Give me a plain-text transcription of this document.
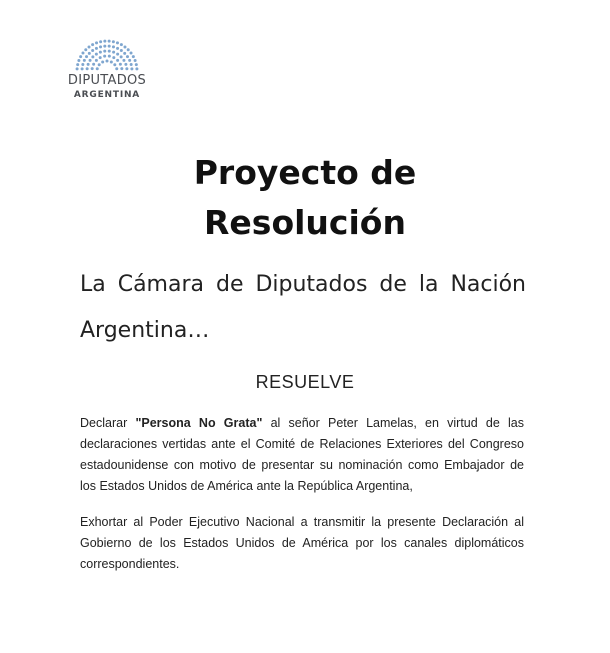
DIPUTADOS
ARGENTINA
Proyecto de
Resolución
La Cámara de Diputados de la Nación Argentina…
RESUELVE
Declarar "Persona No Grata" al señor Peter Lamelas, en virtud de las declaraciones vertidas ante el Comité de Relaciones Exteriores del Congreso estadounidense con motivo de presentar su nominación como Embajador de los Estados Unidos de América ante la República Argentina,
Exhortar al Poder Ejecutivo Nacional a transmitir la presente Declaración al Gobierno de los Estados Unidos de América por los canales diplomáticos correspondientes.
